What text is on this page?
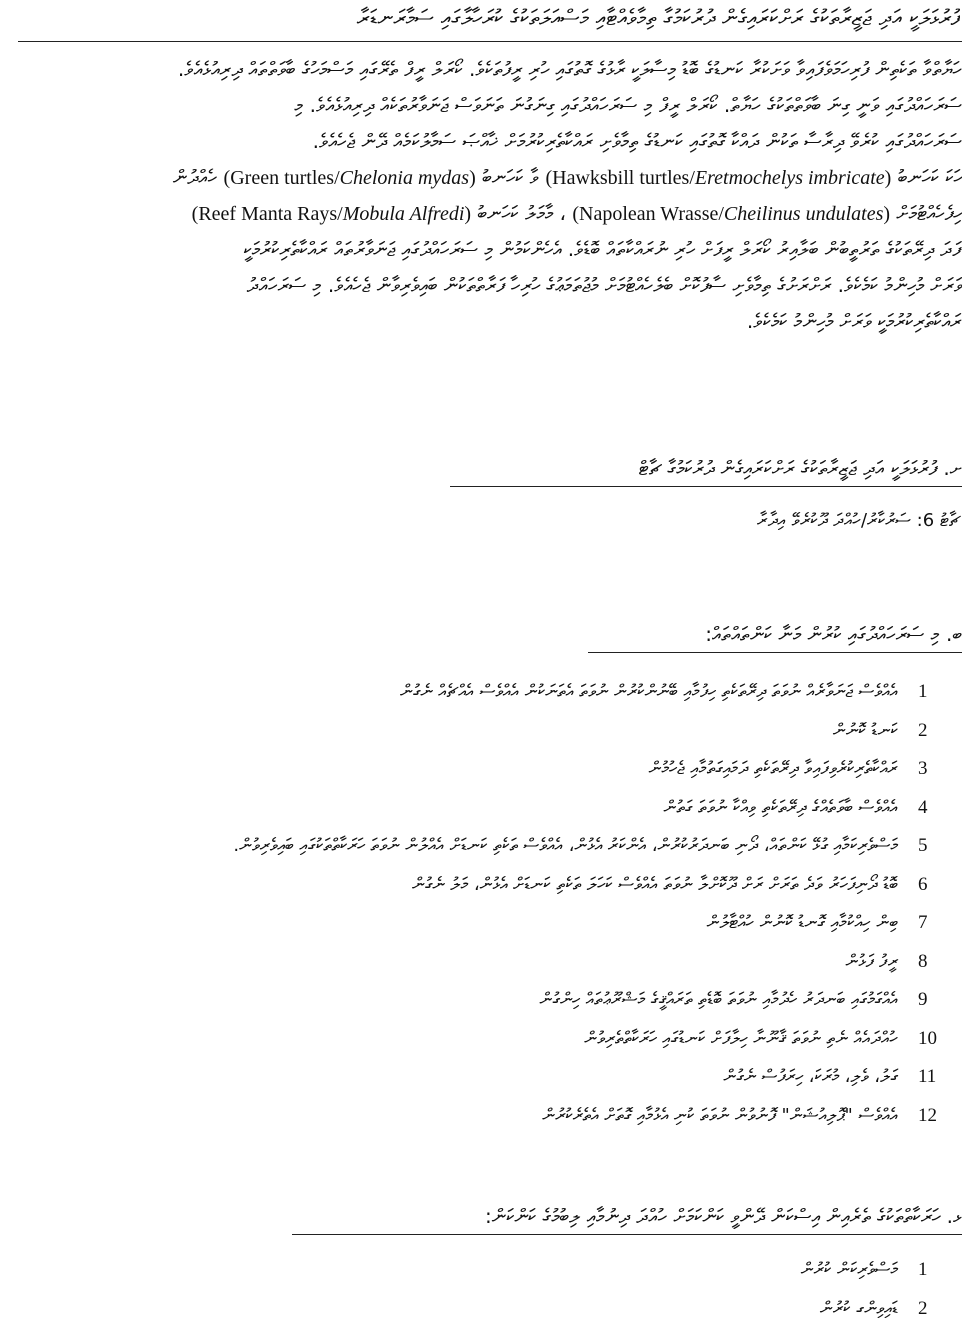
ފުރުޅަލަކީ އަދި ޖަޒީރާތަކުގެ ރަށްކަރައިގެން ދުރުކަމުގާ ތިމާވެއްޓާއި މަސްއަލަތަކުގެ ކުރަހާލާގައި ސަމާރަނޑަރާ
ހަޔާތްވާ ތަކެތިން ފުރިހަމަވެފައިވާ ވަށަކުރާ ކަނޑުގެ ބޮޑު މިސާލަކީ ރާޅުގެ ގޮތުގައި ހުރި ރީފުތަކެވެ. ކޯރަލް ރީފް ތެރޭގައި މަސްމަހުގެ ބާވަތްތައް ދިރިއުޅެއެވެ.
ސަރަހައްދުގައި ވަނީ ގިނަ ބާވަތްތަކުގެ ހަޔާތް. ކޯރަލް ރީފް މި ސަރަހައްދުގައި ގިނަގުނަ ތަނަވަސް ޖަނަވާރުތަކެއް ދިރިއުޅެއެވެ. މި
ސަރަހައްދުގައި ކުރެވޭ ދިރާސާ ތަކުން ދައްކާ ގޮތުގައި ކަނޑުގެ ތިމާވެށި ރައްކާތެރިކުރުމަށް ޚާއްޞަ ސަމާލުކަމެއް ދޭން ޖެހެއެވެ.
ހަކަ ކަހަނބު (Hawksbill turtles/Eretmochelys imbricate) ވާ ކަހަނބު (Green turtles/Chelonia mydas) ހެއްދުން
ހިފެހެއްޓުމަށް (Napolean Wrasse/Cheilinus undulates) ، މާމަލު ކަހަނބު (Reef Manta Rays/Mobula Alfredi)
ފަދަ ދިރޭތަކުގެ ތަރުތީބުން ބަލާއިރު ކޯރަލް ރީފަށް ހުރި ނުރައްކާތައް ބޮޑެވެ. އެހެންކަމުން މި ސަރަހައްދުގައި ޖަނަވާރުތައް ރައްކާތެރިކުރުމަކީ
ވަރަށް މުހިންމު ކަމެކެވެ. ރަށްރަށުގެ ތިމާވެށި ސާފުކޮށް ބެލެހެއްޓުމަށް މުޖުތަމަޢުގެ ހުރިހާ ފަރާތްތަކުން ބައިވެރިވާން ޖެހެއެވެ. މި ސަރަހައްދު
ރައްކާތެރިކުރުމަކީ ވަރަށް މުހިންމު ކަމެކެވެ.
ށ. ފުރުޅަލަކީ އަދި ޖަޒީރާތަކުގެ ރަށްކަރައިގެން ދުރުކަމުގާ ޗާޓް
ޗާޓު 6: ސަރުކާރު/ހުއްދަ ދޫކުރެވޭ އިދާރާ
ބ. މި ސަރަހައްދުގައި ކުރުން މަނާ ކަންތައްތައް:
1އެއްވެސް ޖަނަވާރެއް ނުވަތަ ދިރޭތަކެތި ހިފުމާއި ބޭނުންކުރުން ނުވަތަ އެތަނަކުން އެއްވެސް އެއްޗެއް ނެގުން
2ކަނޑު ކޮނުން
3ރައްކާތެރިކުރެވިފައިވާ ދިރޭތަކެތި ދަމައިގަތުމާއި ޖެހުމުން
4އެއްވެސް ބާވަތެއްގެ ދިރޭތަކެތި ވިއްކާ ނުވަތަ ގަތުން
5މަސްވެރިކަމާއި ގުޅޭ ކަންތައް، ދޯނި ބަނދަރުކުރުން، އެންކަރު އެޅުން، އެއްވެސް ތަކެތި ކަނޑަށް އެއްލުން ނުވަތަ ހަރަކާތްތަކުގައި ބައިވެރިވުން.
6ބޮޑު ދޯނިފަހަރު ވަދެ ތަރަށް ރަށް ދޫކޮށްލާ ނުވަތަ އެއްވެސް ކަހަލަ ތަކެތި ކަނޑަށް އެޅުން، މަލު ނެގުން
7ބިން ހިއްކުމާއި ގޮނޑު ކޮނުން ހުއްޓާލުން
8ރީފު ފަޅުން
9އެއްގަމުގައި ބަނދަރު ހެދުމާއި ނުވަތަ ބޮޑެތި ތަރައްޤީގެ މަޝްރޫޢުތައް ހިންގުން
10ހުއްދައެއް ނެތި ނުވަތަ ޤާނޫނާ ހިލާފަށް ކަނޑުގައި ހަރަކާތްތެރިވުން
11ގަލު، ވެލި، މުރަކަ، ހިރަފުސް ނެގުން
12އެއްވެސް "ޕޮލިއުޝަން" ފޮނުވުން ނުވަތަ ކުނި އެޅުމާއި ގޮތަށް އެތެރެކުރުން
ޅ. ހަރަކާތްތަކުގެ ތެރެއިން އިސްކަން ދޭންވީ ކަންކަމަށް ހުއްދަ ދިނުމާއި ލިބުމުގެ ކަންކަން:
1މަސްވެރިކަން ކުރުން
2ޑައިވިންގ ކުރުން
